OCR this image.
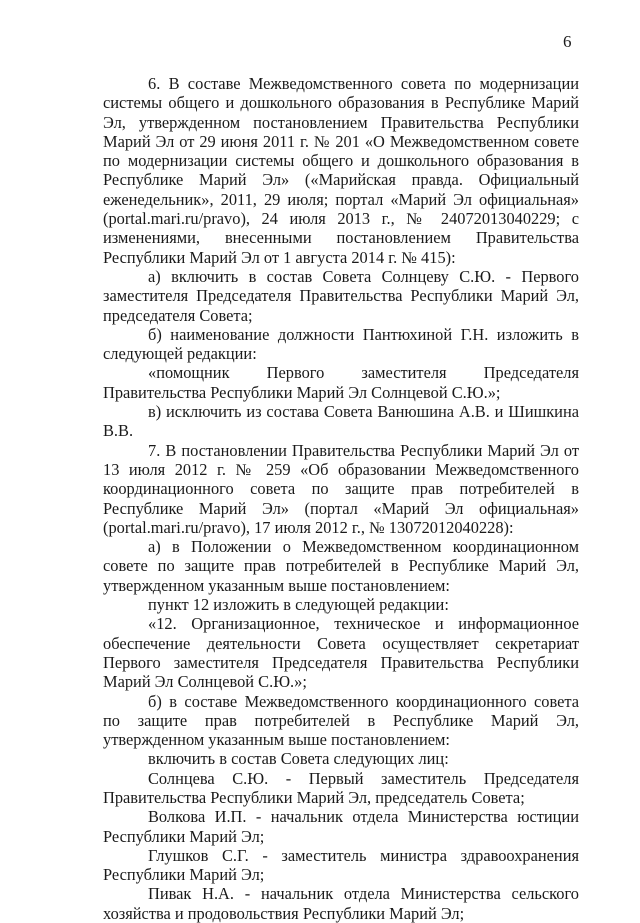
6

6. В составе Межведомственного совета по модернизации системы общего и дошкольного образования в Республике Марий Эл, утвержденном постановлением Правительства Республики Марий Эл от 29 июня 2011 г. № 201 «О Межведомственном совете по модернизации системы общего и дошкольного образования в Республике Марий Эл» («Марийская правда. Официальный еженедельник», 2011, 29 июля; портал «Марий Эл официальная» (portal.mari.ru/pravo), 24 июля 2013 г., № 24072013040229; с изменениями, внесенными постановлением Правительства Республики Марий Эл от 1 августа 2014 г. № 415):

а) включить в состав Совета Солнцеву С.Ю. - Первого заместителя Председателя Правительства Республики Марий Эл, председателя Совета;

б) наименование должности Пантюхиной Г.Н. изложить в следующей редакции:

«помощник Первого заместителя Председателя Правительства Республики Марий Эл Солнцевой С.Ю.»;

в) исключить из состава Совета Ванюшина А.В. и Шишкина В.В.

7. В постановлении Правительства Республики Марий Эл от 13 июля 2012 г. № 259 «Об образовании Межведомственного координационного совета по защите прав потребителей в Республике Марий Эл» (портал «Марий Эл официальная» (portal.mari.ru/pravo), 17 июля 2012 г., № 13072012040228):

а) в Положении о Межведомственном координационном совете по защите прав потребителей в Республике Марий Эл, утвержденном указанным выше постановлением:

пункт 12 изложить в следующей редакции:

«12. Организационное, техническое и информационное обеспечение деятельности Совета осуществляет секретариат Первого заместителя Председателя Правительства Республики Марий Эл Солнцевой С.Ю.»;

б) в составе Межведомственного координационного совета по защите прав потребителей в Республике Марий Эл, утвержденном указанным выше постановлением:

включить в состав Совета следующих лиц:

Солнцева С.Ю. - Первый заместитель Председателя Правительства Республики Марий Эл, председатель Совета;

Волкова И.П. - начальник отдела Министерства юстиции Республики Марий Эл;

Глушков С.Г. - заместитель министра здравоохранения Республики Марий Эл;

Пивак Н.А. - начальник отдела Министерства сельского хозяйства и продовольствия Республики Марий Эл;
